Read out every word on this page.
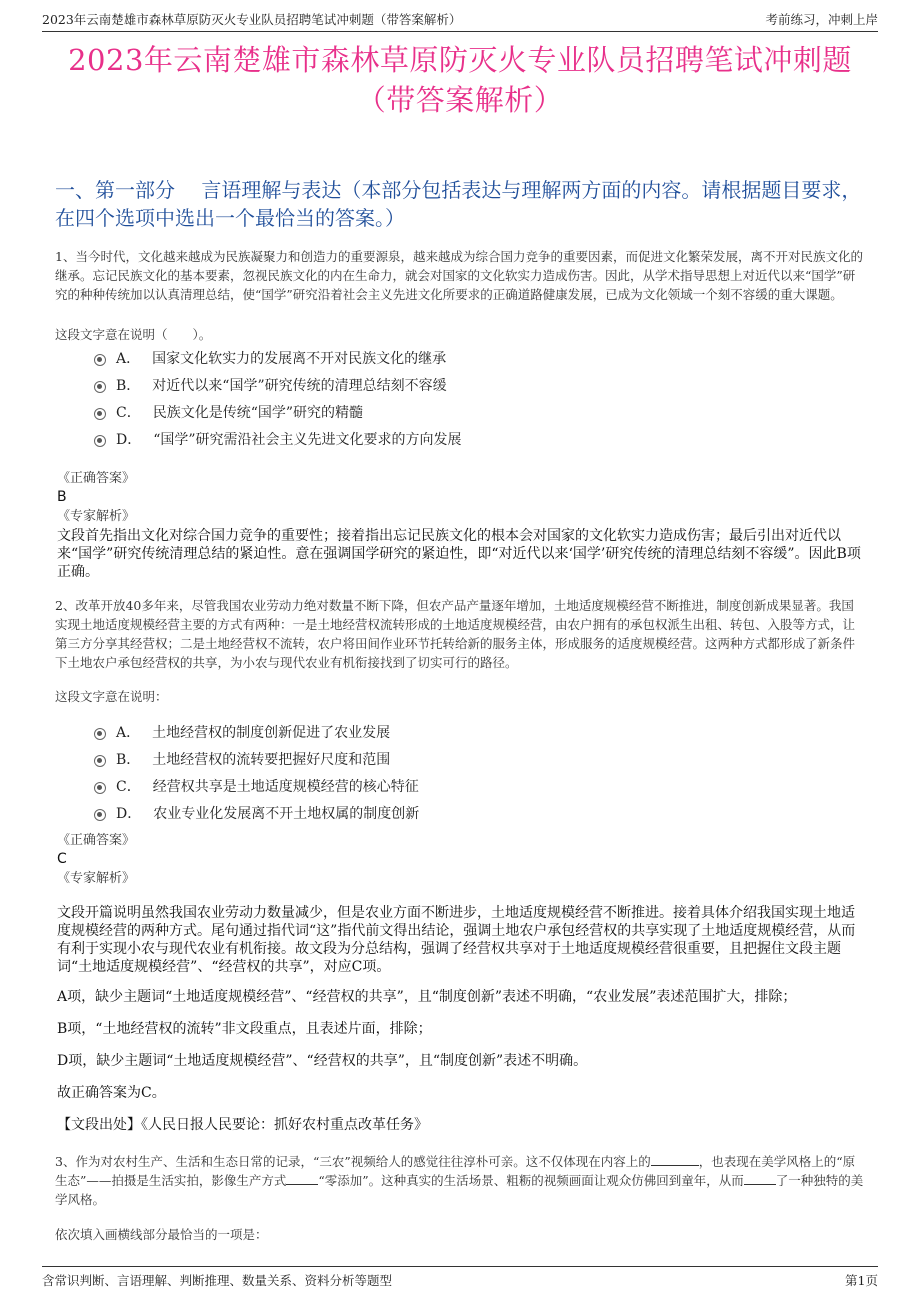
2023年云南楚雄市森林草原防灭火专业队员招聘笔试冲刺题（带答案解析）	考前练习，冲刺上岸
2023年云南楚雄市森林草原防灭火专业队员招聘笔试冲刺题
（带答案解析）
一、第一部分　 言语理解与表达（本部分包括表达与理解两方面的内容。请根据题目要求，在四个选项中选出一个最恰当的答案。）
1、当今时代，文化越来越成为民族凝聚力和创造力的重要源泉，越来越成为综合国力竞争的重要因素，而促进文化繁荣发展，离不开对民族文化的继承。忘记民族文化的基本要素，忽视民族文化的内在生命力，就会对国家的文化软实力造成伤害。因此，从学术指导思想上对近代以来“国学”研究的种种传统加以认真清理总结，使“国学”研究沿着社会主义先进文化所要求的正确道路健康发展，已成为文化领域一个刻不容缓的重大课题。
这段文字意在说明（　　）。
A． 国家文化软实力的发展离不开对民族文化的继承
B． 对近代以来“国学”研究传统的清理总结刻不容缓
C． 民族文化是传统“国学”研究的精髓
D． “国学”研究需沿社会主义先进文化要求的方向发展
《正确答案》
B
《专家解析》
文段首先指出文化对综合国力竞争的重要性；接着指出忘记民族文化的根本会对国家的文化软实力造成伤害；最后引出对近代以来“国学”研究传统清理总结的紧迫性。意在强调国学研究的紧迫性，即“对近代以来‘国学’研究传统的清理总结刻不容缓”。因此B项正确。
2、改革开放40多年来，尽管我国农业劳动力绝对数量不断下降，但农产品产量逐年增加，土地适度规模经营不断推进，制度创新成果显著。我国实现土地适度规模经营主要的方式有两种：一是土地经营权流转形成的土地适度规模经营，由农户拥有的承包权派生出租、转包、入股等方式，让第三方分享其经营权；二是土地经营权不流转，农户将田间作业环节托转给新的服务主体，形成服务的适度规模经营。这两种方式都形成了新条件下土地农户承包经营权的共享，为小农与现代农业有机衔接找到了切实可行的路径。
这段文字意在说明：
A． 土地经营权的制度创新促进了农业发展
B． 土地经营权的流转要把握好尺度和范围
C． 经营权共享是土地适度规模经营的核心特征
D． 农业专业化发展离不开土地权属的制度创新
《正确答案》
C
《专家解析》
文段开篇说明虽然我国农业劳动力数量减少，但是农业方面不断进步，土地适度规模经营不断推进。接着具体介绍我国实现土地适度规模经营的两种方式。尾句通过指代词“这”指代前文得出结论，强调土地农户承包经营权的共享实现了土地适度规模经营，从而有利于实现小农与现代农业有机衔接。故文段为分总结构，强调了经营权共享对于土地适度规模经营很重要，且把握住文段主题词“土地适度规模经营”、“经营权的共享”，对应C项。
A项，缺少主题词“土地适度规模经营”、“经营权的共享”，且“制度创新”表述不明确，“农业发展”表述范围扩大，排除；
B项，“土地经营权的流转”非文段重点，且表述片面，排除；
D项，缺少主题词“土地适度规模经营”、“经营权的共享”，且“制度创新”表述不明确。
故正确答案为C。
【文段出处】《人民日报人民要论：抓好农村重点改革任务》
3、作为对农村生产、生活和生态日常的记录，“三农”视频给人的感觉往往淳朴可亲。这不仅体现在内容上的	，也表现在美学风格上的“原生态”——拍摄是生活实拍，影像生产方式	“零添加”。这种真实的生活场景、粗粝的视频画面让观众仿佛回到童年，从而	了一种独特的美学风格。
依次填入画横线部分最恰当的一项是：
含常识判断、言语理解、判断推理、数量关系、资料分析等题型	第1页
